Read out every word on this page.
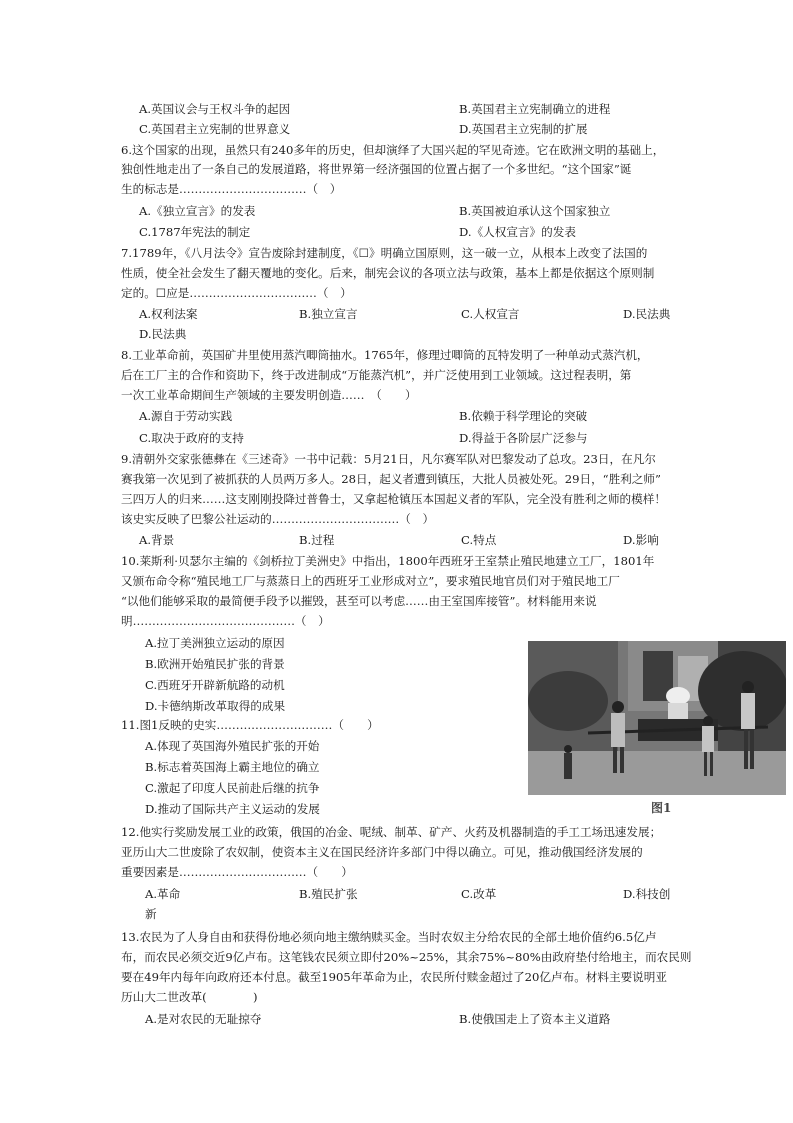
A.英国议会与王权斗争的起因	B.英国君主立宪制确立的进程
C.英国君主立宪制的世界意义	D.英国君主立宪制的扩展
6.这个国家的出现，虽然只有240多年的历史，但却演绎了大国兴起的罕见奇迹。它在欧洲文明的基础上，
独创性地走出了一条自己的发展道路，将世界第一经济强国的位置占据了一个多世纪。“这个国家”诞
生的标志是……………………………（　）
A.《独立宣言》的发表	B.英国被迫承认这个国家独立
C.1787年宪法的制定	D.《人权宣言》的发表
7.1789年，《八月法令》宣告废除封建制度，《☐》明确立国原则，这一破一立，从根本上改变了法国的
性质，使全社会发生了翻天覆地的变化。后来，制宪会议的各项立法与政策，基本上都是依据这个原则制
定的。☐应是……………………………（　）
A.权利法案	B.独立宣言	C.人权宣言	D.民法典
D.民法典
8.工业革命前，英国矿井里使用蒸汽唧筒抽水。1765年，修理过唧筒的瓦特发明了一种单动式蒸汽机，
后在工厂主的合作和资助下，终于改进制成“万能蒸汽机”，并广泛使用到工业领域。这过程表明，第
一次工业革命期间生产领域的主要发明创造……　（　　）
A.源自于劳动实践	B.依赖于科学理论的突破
C.取决于政府的支持	D.得益于各阶层广泛参与
9.清朝外交家张德彝在《三述奇》一书中记载：5月21日，凡尔赛军队对巴黎发动了总攻。23日，在凡尔
赛我第一次见到了被抓获的人员两万多人。28日，起义者遭到镇压，大批人员被处死。29日，“胜利之师”
三四万人的归来……这支刚刚投降过普鲁士，又拿起枪镇压本国起义者的军队，完全没有胜利之师的模样！
该史实反映了巴黎公社运动的……………………………（　）
A.背景	B.过程	C.特点	D.影响
10.莱斯利·贝瑟尔主编的《剑桥拉丁美洲史》中指出，1800年西班牙王室禁止殖民地建立工厂，1801年
又颁布命令称“殖民地工厂与蒸蒸日上的西班牙工业形成对立”，要求殖民地官员们对于殖民地工厂
“以他们能够采取的最简便手段予以摧毁，甚至可以考虑……由王室国库接管”。材料能用来说
明……………………………………（　）
A.拉丁美洲独立运动的原因
B.欧洲开始殖民扩张的背景
C.西班牙开辟新航路的动机
D.卡德纳斯改革取得的成果
11.图1反映的史实…………………………（　　）
A.体现了英国海外殖民扩张的开始
B.标志着英国海上霸主地位的确立
C.激起了印度人民前赴后继的抗争
D.推动了国际共产主义运动的发展	图1
12.他实行奖励发展工业的政策，俄国的冶金、呢绒、制革、矿产、火药及机器制造的手工工场迅速发展；
亚历山大二世废除了农奴制，使资本主义在国民经济许多部门中得以确立。可见，推动俄国经济发展的
重要因素是……………………………（　　）
A.革命	B.殖民扩张	C.改革	D.科技创
新
13.农民为了人身自由和获得份地必须向地主缴纳赎买金。当时农奴主分给农民的全部土地价值约6.5亿卢
布，而农民必须交近9亿卢布。这笔钱农民须立即付20%~25%，其余75%~80%由政府垫付给地主，而农民则
要在49年内每年向政府还本付息。截至1905年革命为止，农民所付赎金超过了20亿卢布。材料主要说明亚
历山大二世改革(　　　　)
A.是对农民的无耻掠夺	B.使俄国走上了资本主义道路
